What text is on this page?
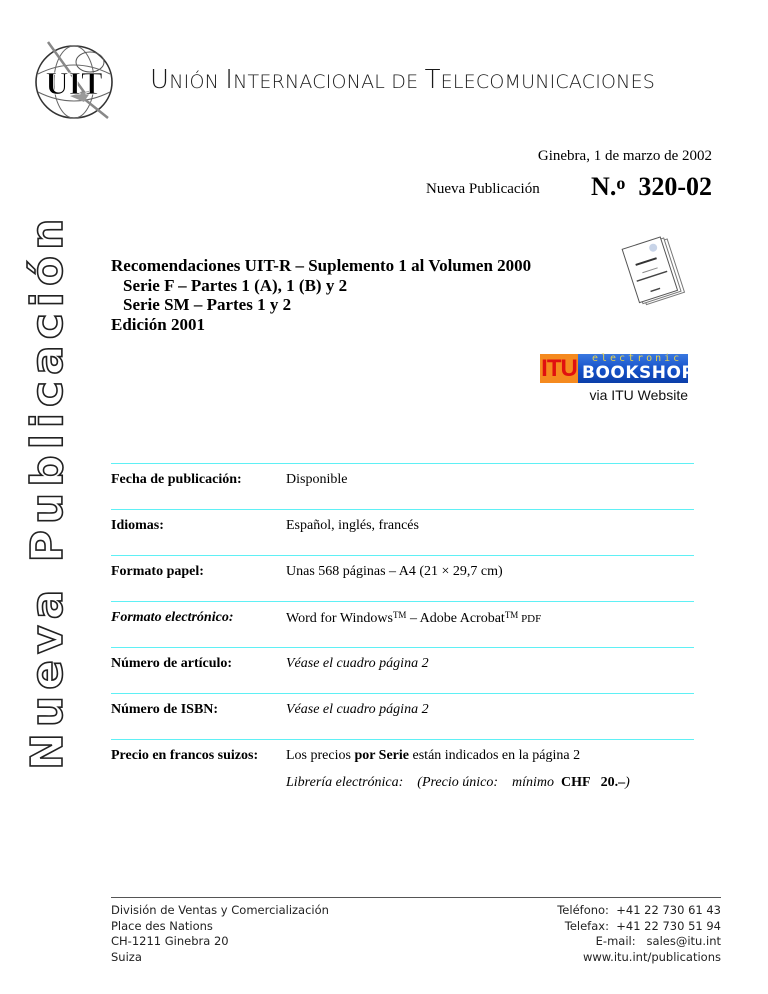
UIT UNIÓN INTERNACIONAL DE TELECOMUNICACIONES
Ginebra, 1 de marzo de 2002
Nueva Publicación N.$^o$ 320-02
Nueva Publicación Recomendaciones UIT-R – Suplemento 1 al Volumen 2000
Serie F – Partes 1 (A), 1 (B) y 2
Serie SM – Partes 1 y 2
Edición 2001
ITU electronic
BOOKSHOP
via ITU Website
Fecha de publicación:	Disponible
Idiomas:	Español, inglés, francés
Formato papel:	Unas 568 páginas – A4 (21 × 29,7 cm)
Formato electrónico:	Word for Windows™ – Adobe Acrobat™ PDF
Número de artículo:	Véase el cuadro página 2
Número de ISBN:	Véase el cuadro página 2
Precio en francos suizos: Los precios por Serie están indicados en la página 2
Librería electrónica:    (Precio único:    mínimo  CHF   20.–)
División de Ventas y Comercialización
Place des Nations
CH-1211 Ginebra 20
Suiza
Teléfono:  +41 22 730 61 43
Telefax:  +41 22 730 51 94
E-mail:   sales@itu.int
www.itu.int/publications
